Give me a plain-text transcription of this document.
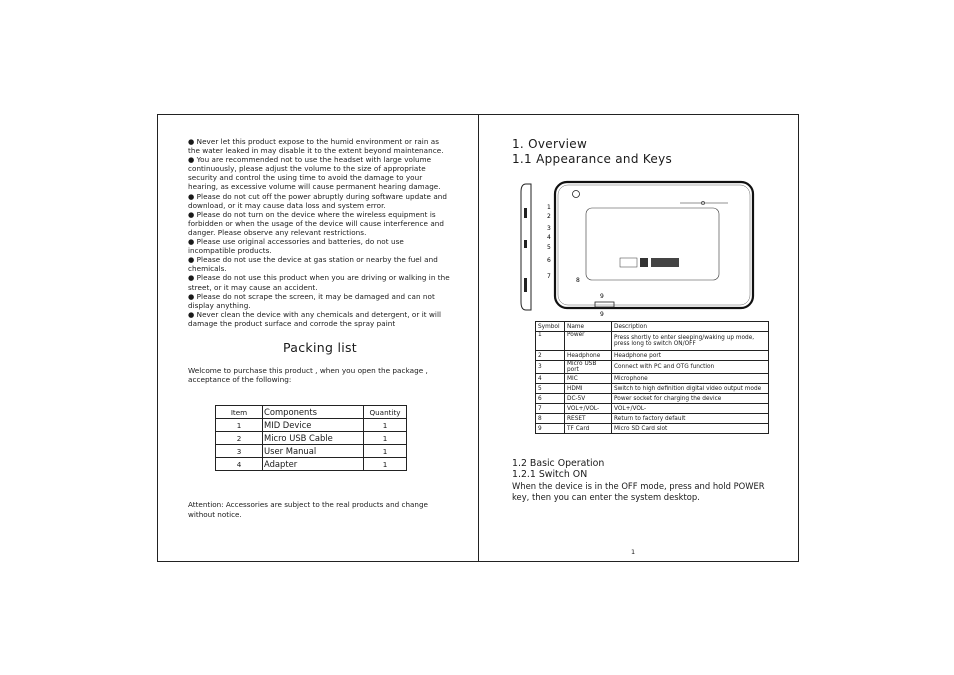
● Never let this product expose to the humid environment or rain as the water leaked in may disable it to the extent beyond maintenance.

● You are recommended not to use the headset with large volume continuously, please adjust the volume to the size of appropriate security and control the using time to avoid the damage to your hearing, as excessive volume will cause permanent hearing damage.

● Please do not cut off the power abruptly during software update and download, or it may cause data loss and system error.

● Please do not turn on the device where the wireless equipment is forbidden or when the usage of the device will cause interference and danger. Please observe any relevant restrictions.

● Please use original accessories and batteries, do not use incompatible products.

● Please do not use the device at gas station or nearby the fuel and chemicals.

● Please do not use this product when you are driving or walking in the street, or it may cause an accident.

● Please do not scrape the screen, it may be damaged and can not display anything.

● Never clean the device with any chemicals and detergent, or it will damage the product surface and corrode the spray paint

Packing list
Welcome to purchase this product , when you open the package , acceptance of the following:
Item	Components	Quantity
1	MID Device	1
2	Micro USB Cable	1
3	User Manual	1
4	Adapter	1
Attention: Accessories are subject to the real products and change without notice.
1. Overview
1.1 Appearance and Keys
1
2
3
4
5
6
7
8
9
9
Symbol	Name	Description
1	Power	Press shortly to enter sleeping/waking up mode, press long to switch ON/OFF
2	Headphone	Headphone port
3	Micro USB port	Connect with PC and OTG function
4	MIC	Microphone
5	HDMI	Switch to high definition digital video output mode
6	DC-5V	Power socket for charging the device
7	VOL+/VOL-	VOL+/VOL-
8	RESET	Return to factory default
9	TF Card	Micro SD Card slot
1.2 Basic Operation
1.2.1 Switch ON
When the device is in the OFF mode, press and hold POWER key, then you can enter the system desktop.
1
